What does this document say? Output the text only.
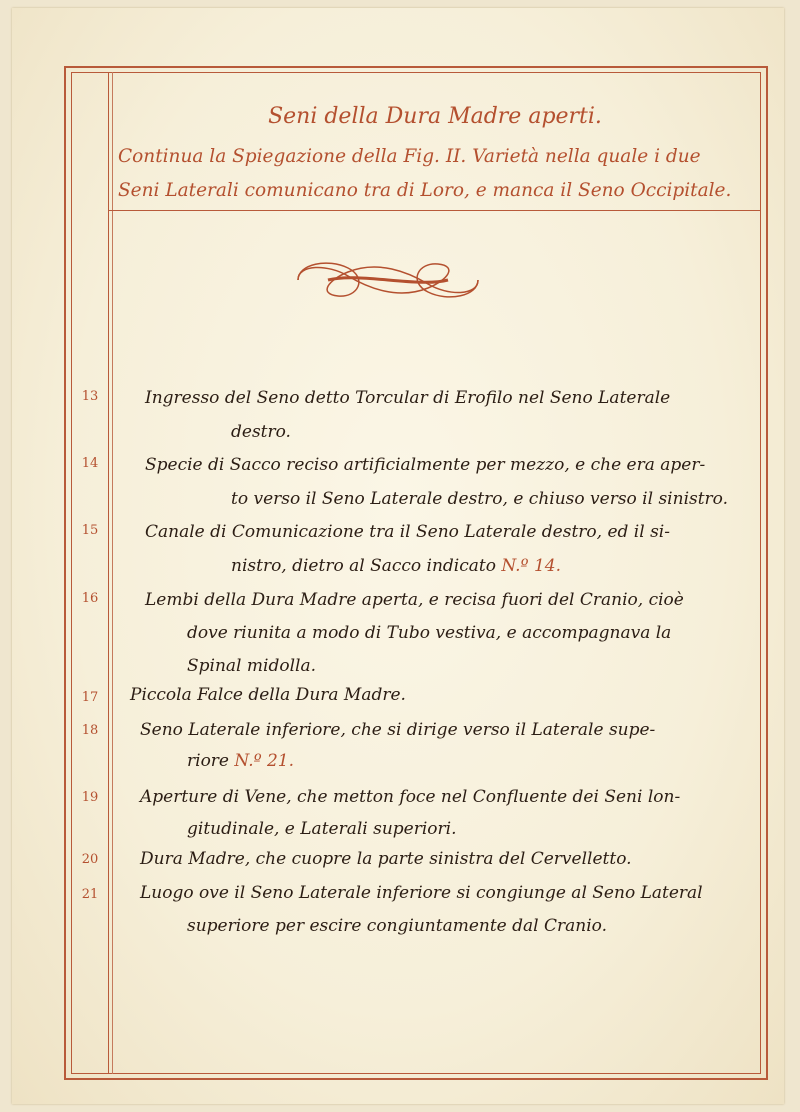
Seni della Dura Madre aperti.
Continua la Spiegazione della Fig. II. Varietà nella quale i due
Seni Laterali comunicano tra di Loro, e manca il Seno Occipitale.
13	Ingresso del Seno detto Torcular di Erofilo nel Seno Laterale
destro.
14	Specie di Sacco reciso artificialmente per mezzo, e che era aper-
to verso il Seno Laterale destro, e chiuso verso il sinistro.
15	Canale di Comunicazione tra il Seno Laterale destro, ed il si-
nistro, dietro al Sacco indicato N.º 14.
16	Lembi della Dura Madre aperta, e recisa fuori del Cranio, cioè
dove riunita a modo di Tubo vestiva, e accompagnava la
Spinal midolla.
17	Piccola Falce della Dura Madre.
18	Seno Laterale inferiore, che si dirige verso il Laterale supe-
riore N.º 21.
19	Aperture di Vene, che metton foce nel Confluente dei Seni lon-
gitudinale, e Laterali superiori.
20	Dura Madre, che cuopre la parte sinistra del Cervelletto.
21	Luogo ove il Seno Laterale inferiore si congiunge al Seno Lateral
superiore per escire congiuntamente dal Cranio.
